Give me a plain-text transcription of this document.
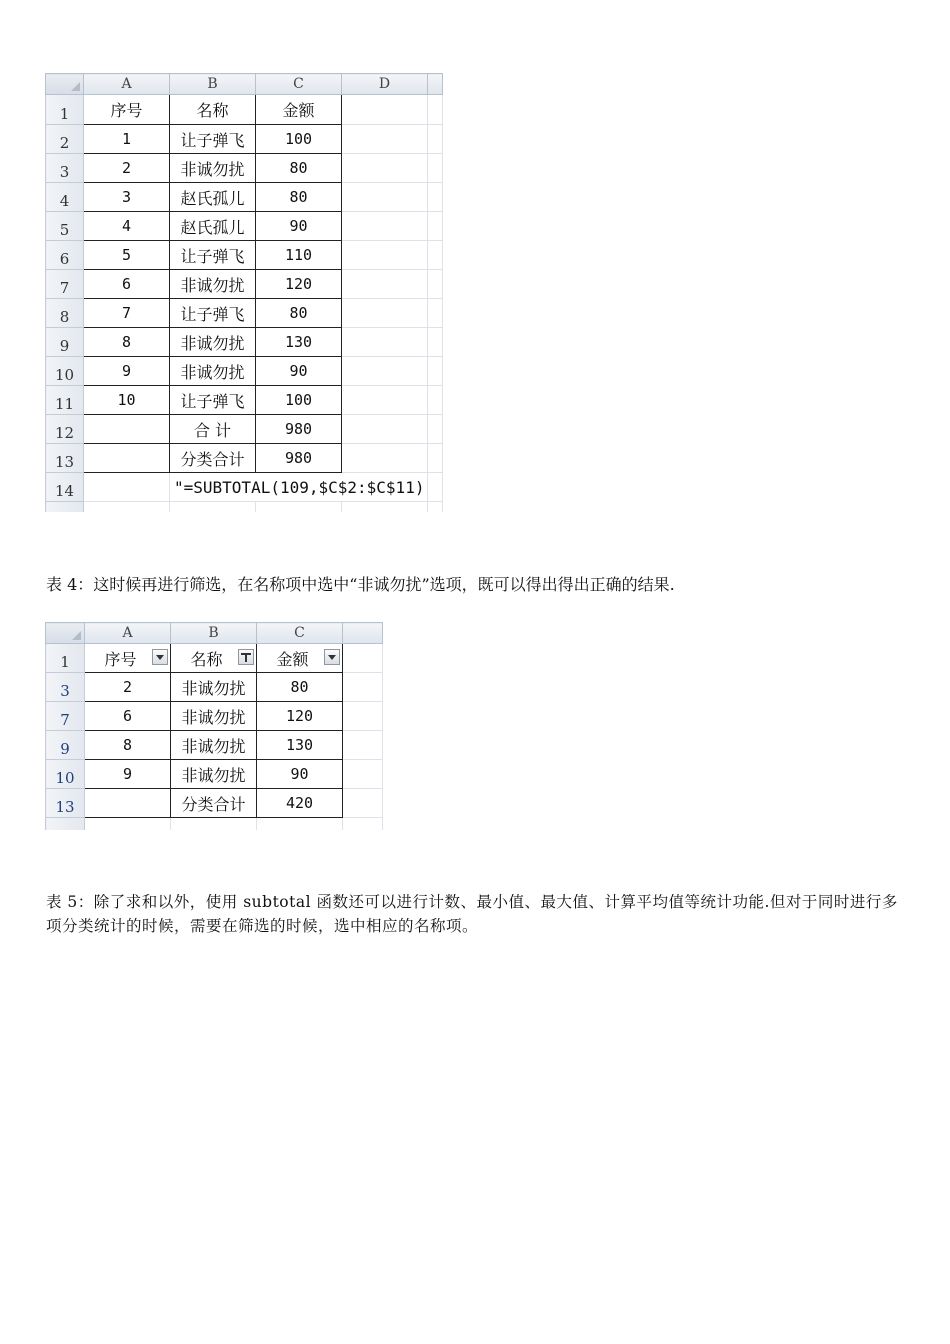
	A	B	C	D	
1	序号	名称	金额		
2	1	让子弹飞	100		
3	2	非诚勿扰	80		
4	3	赵氏孤儿	80		
5	4	赵氏孤儿	90		
6	5	让子弹飞	110		
7	6	非诚勿扰	120		
8	7	让子弹飞	80		
9	8	非诚勿扰	130		
10	9	非诚勿扰	90		
11	10	让子弹飞	100		
12		合 计	980		
13		分类合计	980		
14		"=SUBTOTAL(109,$C$2:$C$11)			

表 4：这时候再进行筛选，在名称项中选中“非诚勿扰”选项，既可以得出得出正确的结果.
	A	B	C	
1	序号	名称	金额

3	2	非诚勿扰	80	
7	6	非诚勿扰	120	
9	8	非诚勿扰	130	
10	9	非诚勿扰	90	
13		分类合计	420	

表 5：除了求和以外，使用 subtotal 函数还可以进行计数、最小值、最大值、计算平均值等统计功能.但对于同时进行多项分类统计的时候，需要在筛选的时候，选中相应的名称项。
